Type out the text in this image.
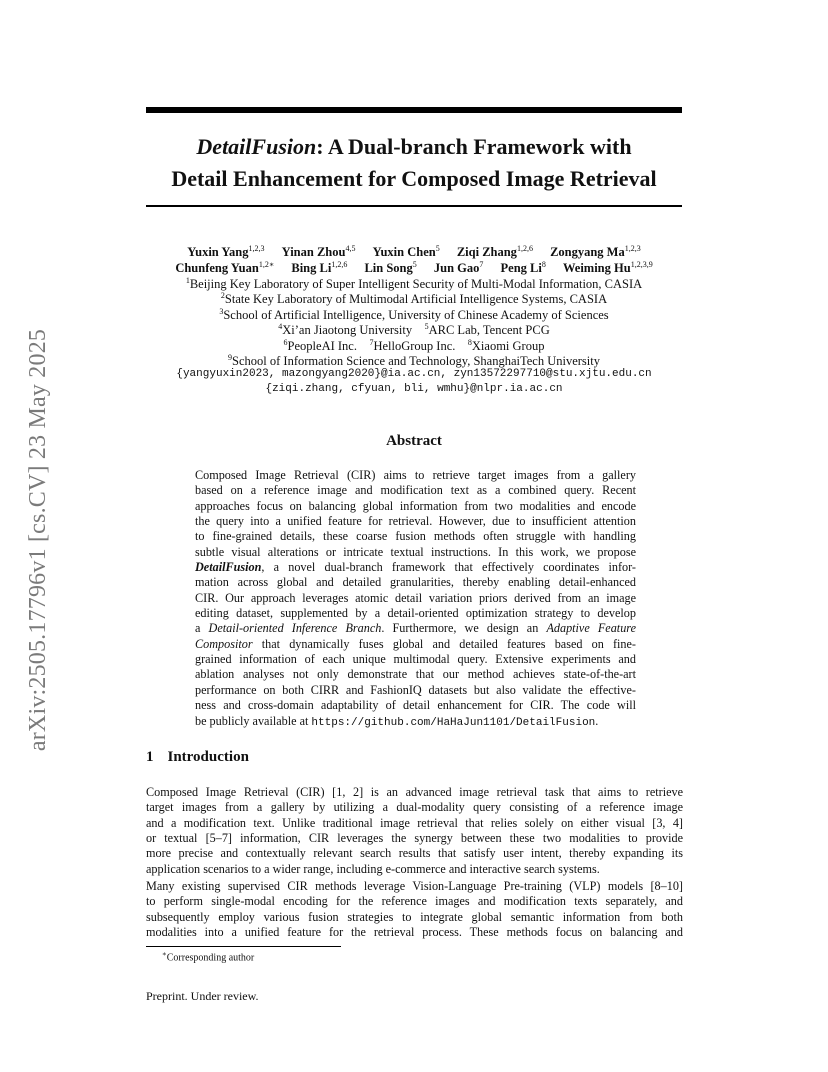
arXiv:2505.17796v1 [cs.CV] 23 May 2025
DetailFusion: A Dual-branch Framework with
Detail Enhancement for Composed Image Retrieval
Yuxin Yang$^{1,2,3}$ Yinan Zhou$^{4,5}$ Yuxin Chen$^5$ Ziqi Zhang$^{1,2,6}$ Zongyang Ma$^{1,2,3}$
Chunfeng Yuan$^{1,2∗}$ Bing Li$^{1,2,6}$ Lin Song$^5$ Jun Gao$^7$ Peng Li$^8$ Weiming Hu$^{1,2,3,9}$
$^1$Beijing Key Laboratory of Super Intelligent Security of Multi-Modal Information, CASIA
$^2$State Key Laboratory of Multimodal Artificial Intelligence Systems, CASIA
$^3$School of Artificial Intelligence, University of Chinese Academy of Sciences
$^4$Xi’an Jiaotong University $^5$ARC Lab, Tencent PCG
$^6$PeopleAI Inc. $^7$HelloGroup Inc. $^8$Xiaomi Group
$^9$School of Information Science and Technology, ShanghaiTech University
{yangyuxin2023, mazongyang2020}@ia.ac.cn, zyn13572297710@stu.xjtu.edu.cn
{ziqi.zhang, cfyuan, bli, wmhu}@nlpr.ia.ac.cn
Abstract
Composed Image Retrieval (CIR) aims to retrieve target images from a gallery
based on a reference image and modification text as a combined query. Recent
approaches focus on balancing global information from two modalities and encode
the query into a unified feature for retrieval. However, due to insufficient attention
to fine-grained details, these coarse fusion methods often struggle with handling
subtle visual alterations or intricate textual instructions. In this work, we propose
DetailFusion, a novel dual-branch framework that effectively coordinates infor-
mation across global and detailed granularities, thereby enabling detail-enhanced
CIR. Our approach leverages atomic detail variation priors derived from an image
editing dataset, supplemented by a detail-oriented optimization strategy to develop
a Detail-oriented Inference Branch. Furthermore, we design an Adaptive Feature
Compositor that dynamically fuses global and detailed features based on fine-
grained information of each unique multimodal query. Extensive experiments and
ablation analyses not only demonstrate that our method achieves state-of-the-art
performance on both CIRR and FashionIQ datasets but also validate the effective-
ness and cross-domain adaptability of detail enhancement for CIR. The code will
be publicly available at https://github.com/HaHaJun1101/DetailFusion.
1 Introduction
Composed Image Retrieval (CIR) [1, 2] is an advanced image retrieval task that aims to retrieve
target images from a gallery by utilizing a dual-modality query consisting of a reference image
and a modification text. Unlike traditional image retrieval that relies solely on either visual [3, 4]
or textual [5–7] information, CIR leverages the synergy between these two modalities to provide
more precise and contextually relevant search results that satisfy user intent, thereby expanding its
application scenarios to a wider range, including e-commerce and interactive search systems.
Many existing supervised CIR methods leverage Vision-Language Pre-training (VLP) models [8–10]
to perform single-modal encoding for the reference images and modification texts separately, and
subsequently employ various fusion strategies to integrate global semantic information from both
modalities into a unified feature for the retrieval process. These methods focus on balancing and
∗Corresponding author
Preprint. Under review.
